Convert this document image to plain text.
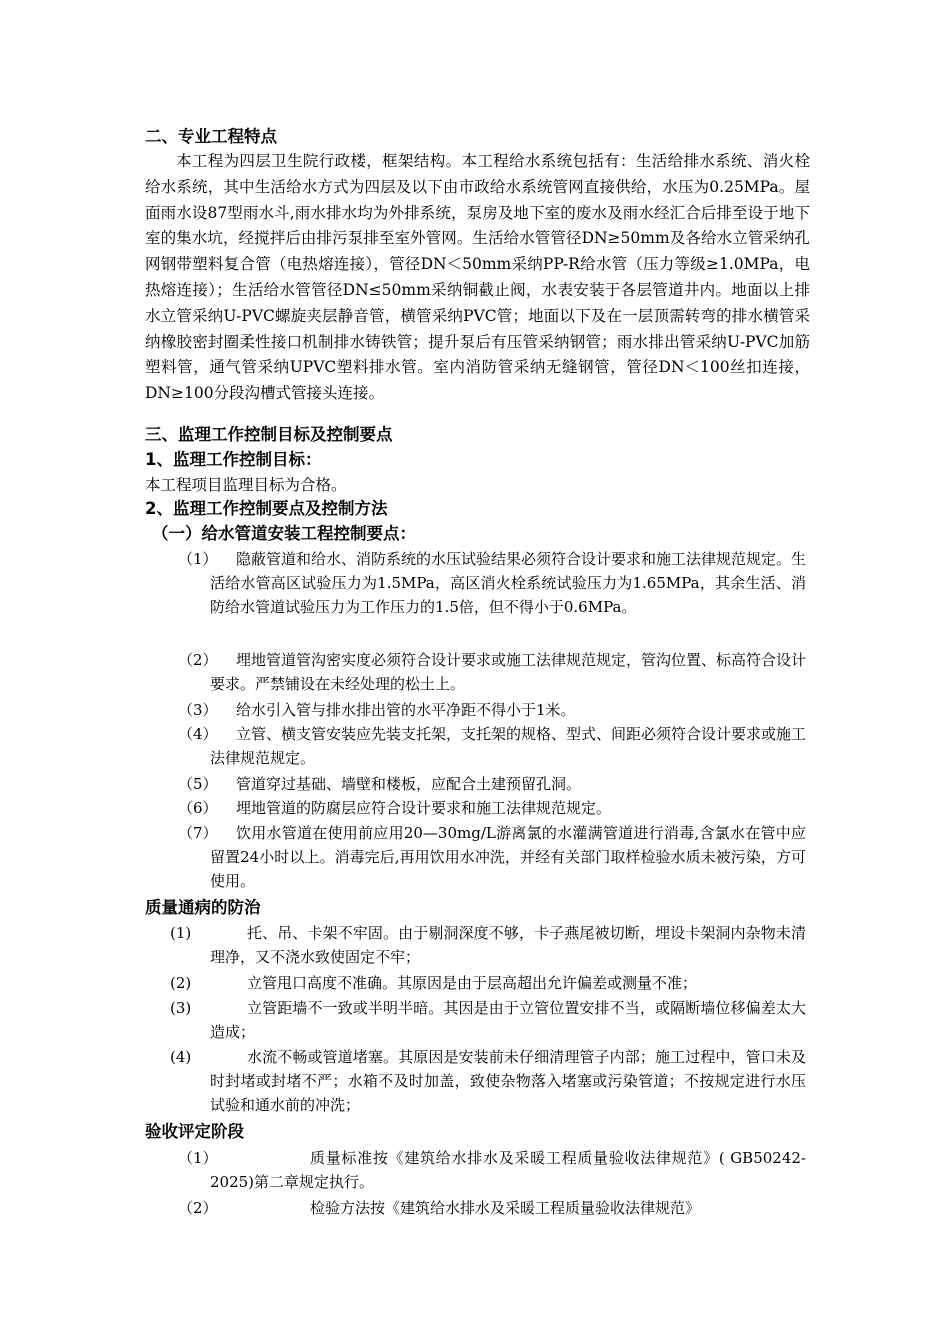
二、专业工程特点

本工程为四层卫生院行政楼，框架结构。本工程给水系统包括有：生活给排水系统、消火栓给水系统，其中生活给水方式为四层及以下由市政给水系统管网直接供给，水压为0.25MPa。屋面雨水设87型雨水斗,雨水排水均为外排系统，泵房及地下室的废水及雨水经汇合后排至设于地下室的集水坑，经搅拌后由排污泵排至室外管网。生活给水管管径DN≥50mm及各给水立管采纳孔网钢带塑料复合管（电热熔连接），管径DN＜50mm采纳PP-R给水管（压力等级≥1.0MPa，电热熔连接）；生活给水管管径DN≤50mm采纳铜截止阀，水表安装于各层管道井内。地面以上排水立管采纳U-PVC螺旋夹层静音管，横管采纳PVC管；地面以下及在一层顶需转弯的排水横管采纳橡胶密封圈柔性接口机制排水铸铁管；提升泵后有压管采纳钢管；雨水排出管采纳U-PVC加筋塑料管，通气管采纳UPVC塑料排水管。室内消防管采纳无缝钢管，管径DN＜100丝扣连接，DN≥100分段沟槽式管接头连接。

三、监理工作控制目标及控制要点
1、监理工作控制目标：
本工程项目监理目标为合格。
2、监理工作控制要点及控制方法
（一）给水管道安装工程控制要点：
（1）	隐蔽管道和给水、消防系统的水压试验结果必须符合设计要求和施工法律规范规定。生活给水管高区试验压力为1.5MPa，高区消火栓系统试验压力为1.65MPa，其余生活、消防给水管道试验压力为工作压力的1.5倍，但不得小于0.6MPa。
（2）	埋地管道管沟密实度必须符合设计要求或施工法律规范规定，管沟位置、标高符合设计要求。严禁铺设在未经处理的松土上。
（3）	给水引入管与排水排出管的水平净距不得小于1米。
（4）	立管、横支管安装应先装支托架，支托架的规格、型式、间距必须符合设计要求或施工法律规范规定。
（5）	管道穿过基础、墙壁和楼板，应配合土建预留孔洞。
（6）	埋地管道的防腐层应符合设计要求和施工法律规范规定。
（7）	饮用水管道在使用前应用20—30mg/L游离氯的水灌满管道进行消毒,含氯水在管中应留置24小时以上。消毒完后,再用饮用水冲洗，并经有关部门取样检验水质未被污染，方可使用。
质量通病的防治
(1)	托、吊、卡架不牢固。由于剔洞深度不够，卡子燕尾被切断，埋设卡架洞内杂物未清理净，又不浇水致使固定不牢；
(2)	立管甩口高度不准确。其原因是由于层高超出允许偏差或测量不准；
(3)	立管距墙不一致或半明半暗。其因是由于立管位置安排不当，或隔断墙位移偏差太大造成；
(4)	水流不畅或管道堵塞。其原因是安装前未仔细清理管子内部；施工过程中，管口未及时封堵或封堵不严；水箱不及时加盖，致使杂物落入堵塞或污染管道；不按规定进行水压试验和通水前的冲洗；
验收评定阶段
（1）	质量标准按《建筑给水排水及采暖工程质量验收法律规范》( GB50242-2025)第二章规定执行。
（2）	检验方法按《建筑给水排水及采暖工程质量验收法律规范》
